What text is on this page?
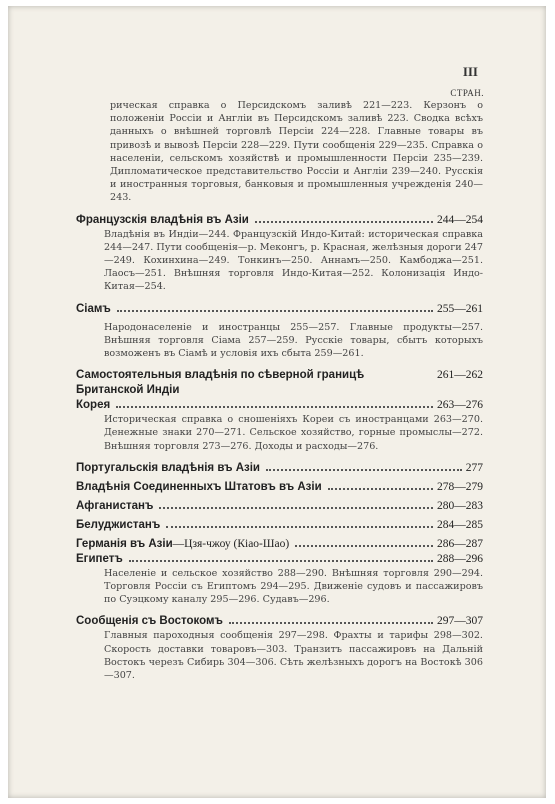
III
СТРАН.

рическая справка о Персидскомъ заливѣ 221—223. Керзонъ о положеніи Россіи и Англіи въ Персидскомъ заливѣ 223. Сводка всѣхъ данныхъ о внѣшней торговлѣ Персіи 224—228. Главные товары въ привозѣ и вывозѣ Персіи 228—229. Пути сообщенія 229—235. Справка о населеніи, сельскомъ хозяйствѣ и промышленности Персіи 235—239. Дипломатическое представительство Россіи и Англіи 239—240. Русскія и иностранныя торговыя, банковыя и промышленныя учрежденія 240—243.

Французскія владѣнія въ Азіи	244—254

Владѣнія въ Индіи—244. Французскій Индо-Китай: историческая справка 244—247. Пути сообщенія—р. Меконгъ, р. Красная, желѣзныя дороги 247—249. Кохинхина—249. Тонкинъ—250. Аннамъ—250. Камбоджа—251. Лаосъ—251. Внѣшняя торговля Индо-Китая—252. Колонизація Индо-Китая—254.

Сіамъ	255—261

Народонаселеніе и иностранцы 255—257. Главные продукты—257. Внѣшняя торговля Сіама 257—259. Русскіе товары, сбытъ которыхъ возможенъ въ Сіамѣ и условія ихъ сбыта 259—261.

Самостоятельныя владѣнія по сѣверной границѣ Британской Индіи
261—262
Корея	263—276

Историческая справка о сношеніяхъ Кореи съ иностранцами 263—270. Денежные знаки 270—271. Сельское хозяйство, горные промыслы—272. Внѣшняя торговля 273—276. Доходы и расходы—276.

Португальскія владѣнія въ Азіи	277
Владѣнія Соединенныхъ Штатовъ въ Азіи	278—279
Афганистанъ	280—283
Белуджистанъ	284—285
Германія въ Азіи —Цзя-чжоу (Кіао-Шао)	286—287
Египетъ	288—296

Населеніе и сельское хозяйство 288—290. Внѣшняя торговля 290—294. Торговля Россіи съ Египтомъ 294—295. Движеніе судовъ и пассажировъ по Суэцкому каналу 295—296. Судавъ—296.

Сообщенія съ Востокомъ	297—307

Главныя пароходныя сообщенія 297—298. Фрахты и тарифы 298—302. Скорость доставки товаровъ—303. Транзитъ пассажировъ на Дальній Востокъ черезъ Сибирь 304—306. Сѣть желѣзныхъ дорогъ на Востокѣ 306—307.
